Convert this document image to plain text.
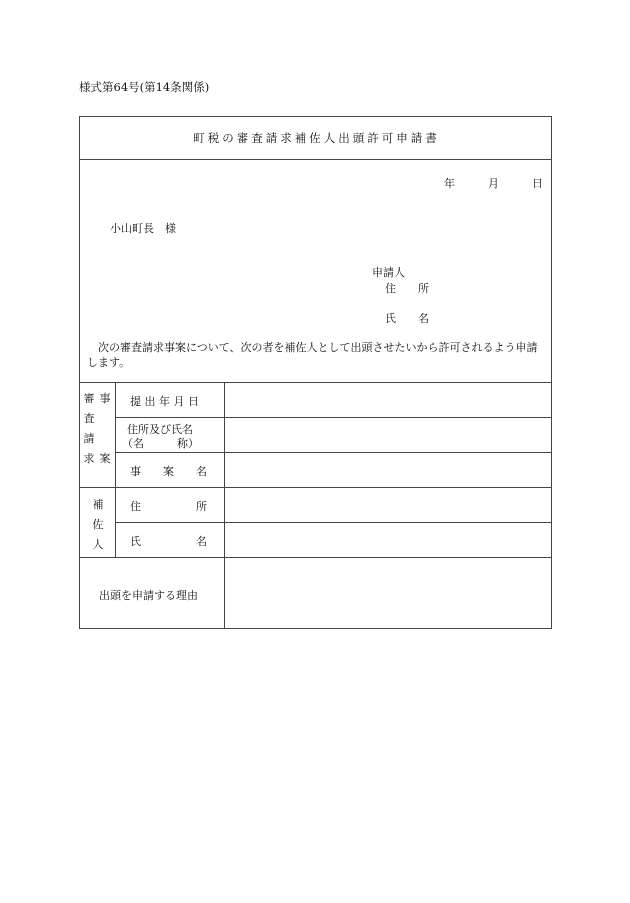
様式第64号(第14条関係)
町税の審査請求補佐人出頭許可申請書
年	月	日
小山町長　様
申請人
住　　所
氏　　名
次の審査請求事案について、次の者を補佐人として出頭させたいから許可されるよう申請します。
審
査
請
求
事
案
提 出 年 月 日
住所及び氏名
（名　　　称）
事　　案　　名
補
佐
人
住　　　　　所
氏　　　　　名
出頭を申請する理由
